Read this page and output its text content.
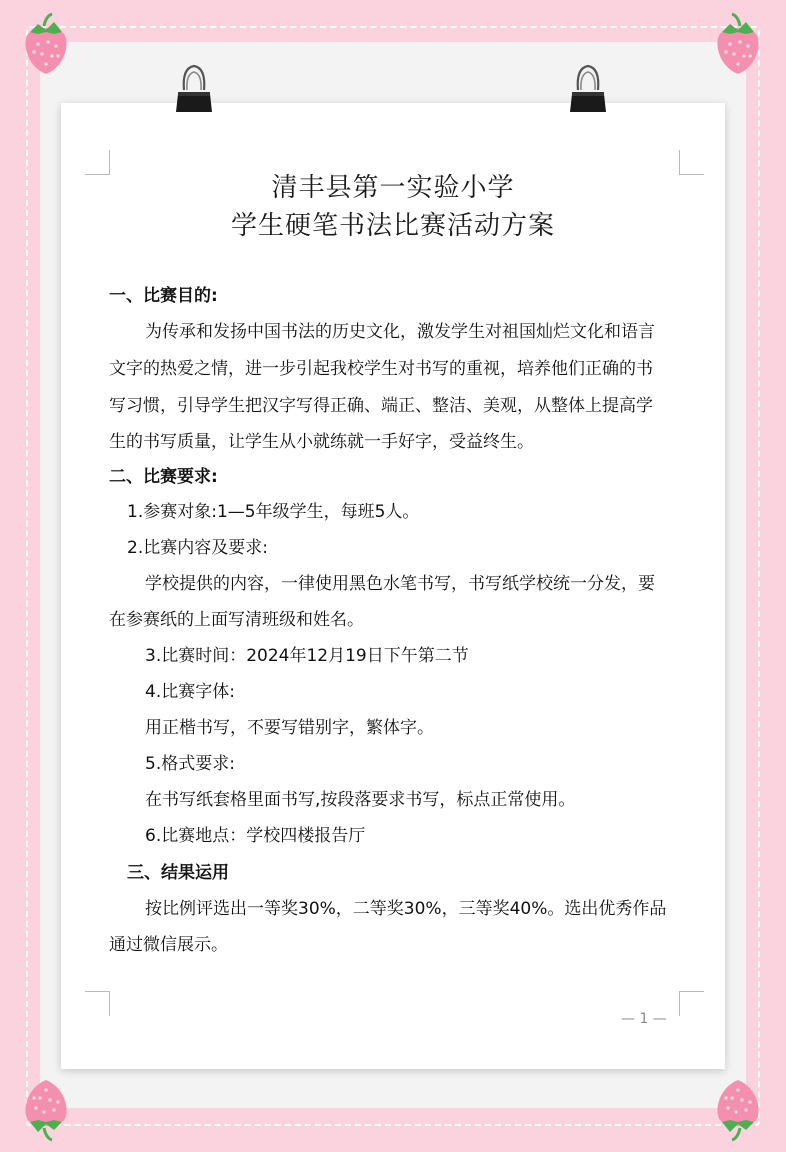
清丰县第一实验小学
学生硬笔书法比赛活动方案
一、比赛目的:
为传承和发扬中国书法的历史文化，激发学生对祖国灿烂文化和语言
文字的热爱之情，进一步引起我校学生对书写的重视，培养他们正确的书
写习惯，引导学生把汉字写得正确、端正、整洁、美观，从整体上提高学
生的书写质量，让学生从小就练就一手好字，受益终生。
二、比赛要求:
1.参赛对象:1—5年级学生，每班5人。
2.比赛内容及要求:
学校提供的内容，一律使用黑色水笔书写，书写纸学校统一分发，要
在参赛纸的上面写清班级和姓名。
3.比赛时间：2024年12月19日下午第二节
4.比赛字体:
用正楷书写，不要写错别字，繁体字。
5.格式要求:
在书写纸套格里面书写,按段落要求书写，标点正常使用。
6.比赛地点：学校四楼报告厅
三、结果运用
按比例评选出一等奖30%，二等奖30%，三等奖40%。选出优秀作品
通过微信展示。
— 1 —
